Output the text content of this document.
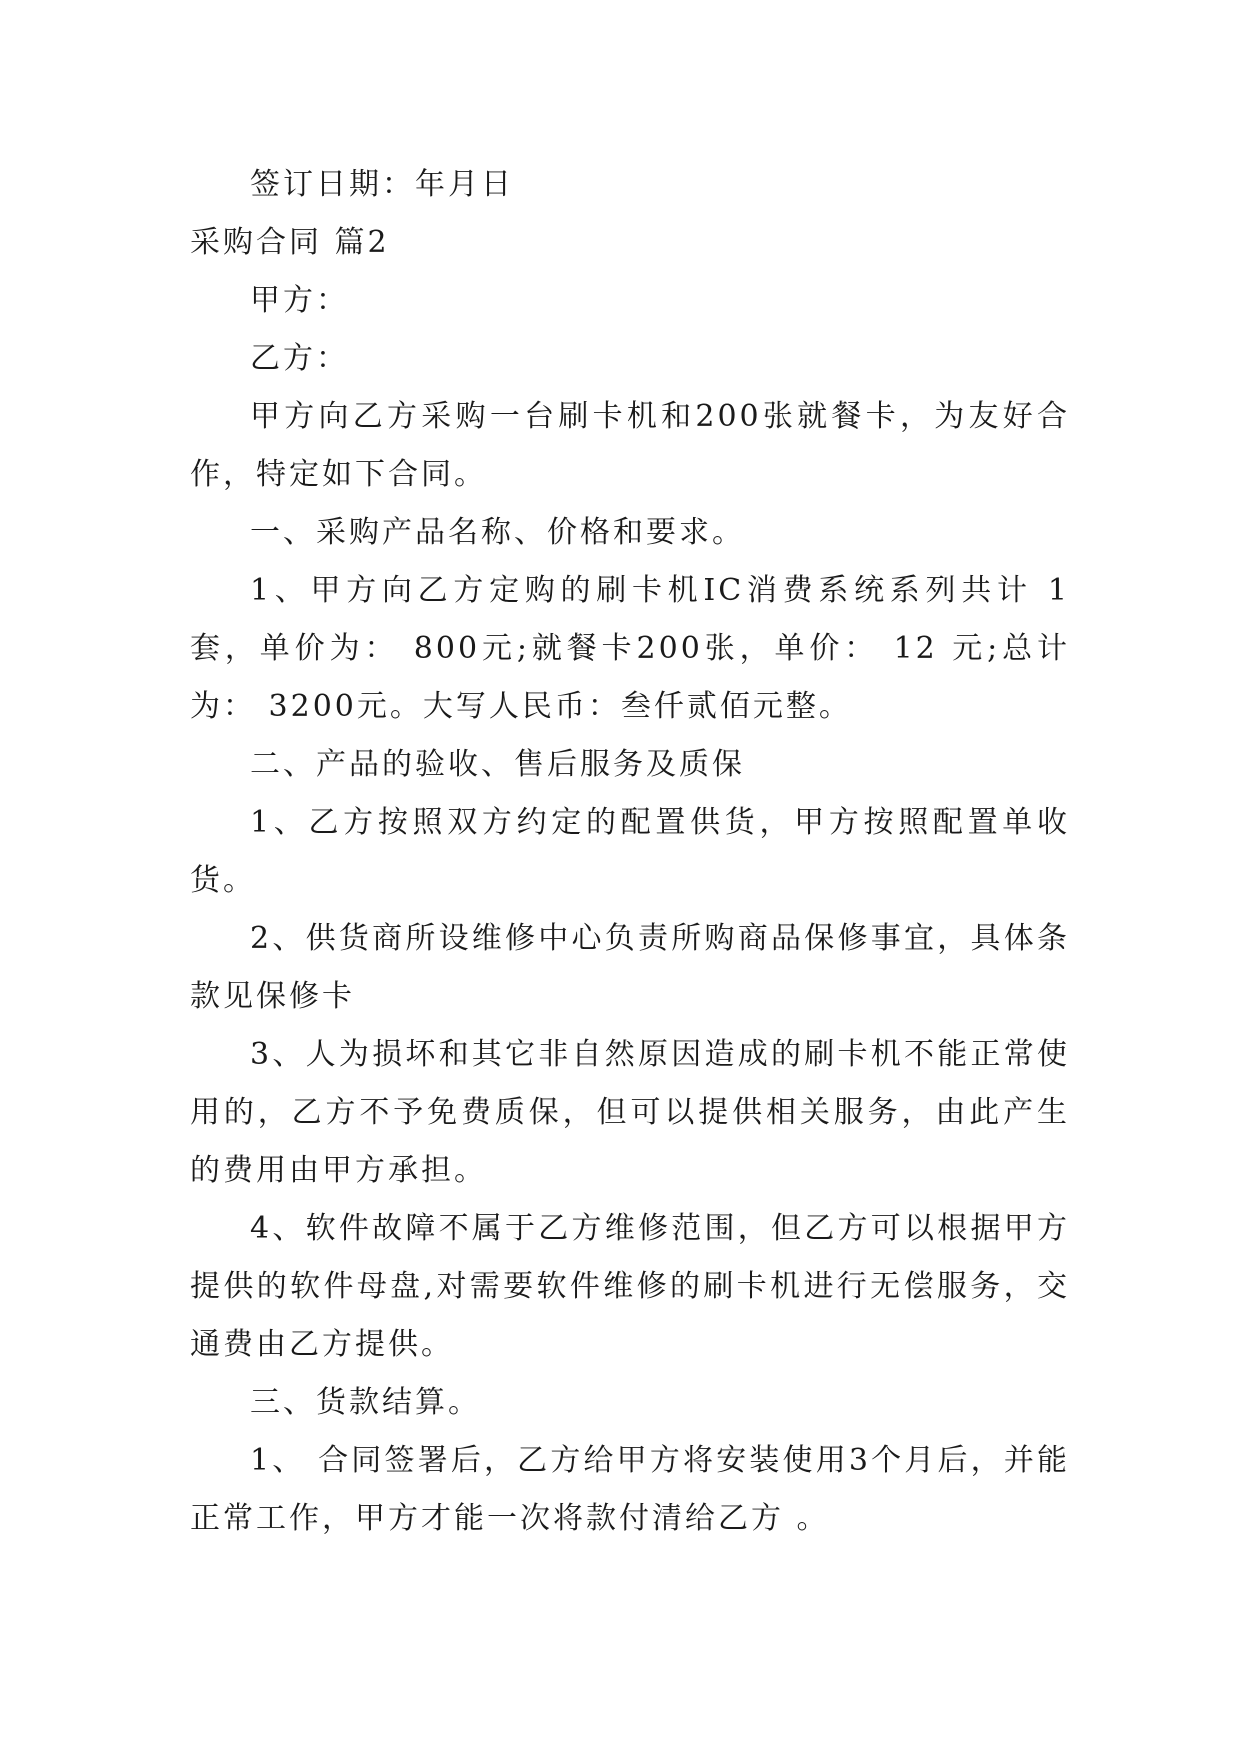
签订日期：年月日

采购合同 篇2

甲方：

乙方：

甲方向乙方采购一台刷卡机和200张就餐卡，为友好合作，特定如下合同。

一、采购产品名称、价格和要求。

1、甲方向乙方定购的刷卡机IC消费系统系列共计 1套，单价为： 800元;就餐卡200张，单价： 12 元;总计为： 3200元。大写人民币：叁仟贰佰元整。

二、产品的验收、售后服务及质保

1、乙方按照双方约定的配置供货，甲方按照配置单收货。

2、供货商所设维修中心负责所购商品保修事宜，具体条款见保修卡

3、人为损坏和其它非自然原因造成的刷卡机不能正常使用的，乙方不予免费质保，但可以提供相关服务，由此产生的费用由甲方承担。

4、软件故障不属于乙方维修范围，但乙方可以根据甲方提供的软件母盘,对需要软件维修的刷卡机进行无偿服务，交通费由乙方提供。

三、货款结算。

1、 合同签署后，乙方给甲方将安装使用3个月后，并能正常工作，甲方才能一次将款付清给乙方 。
